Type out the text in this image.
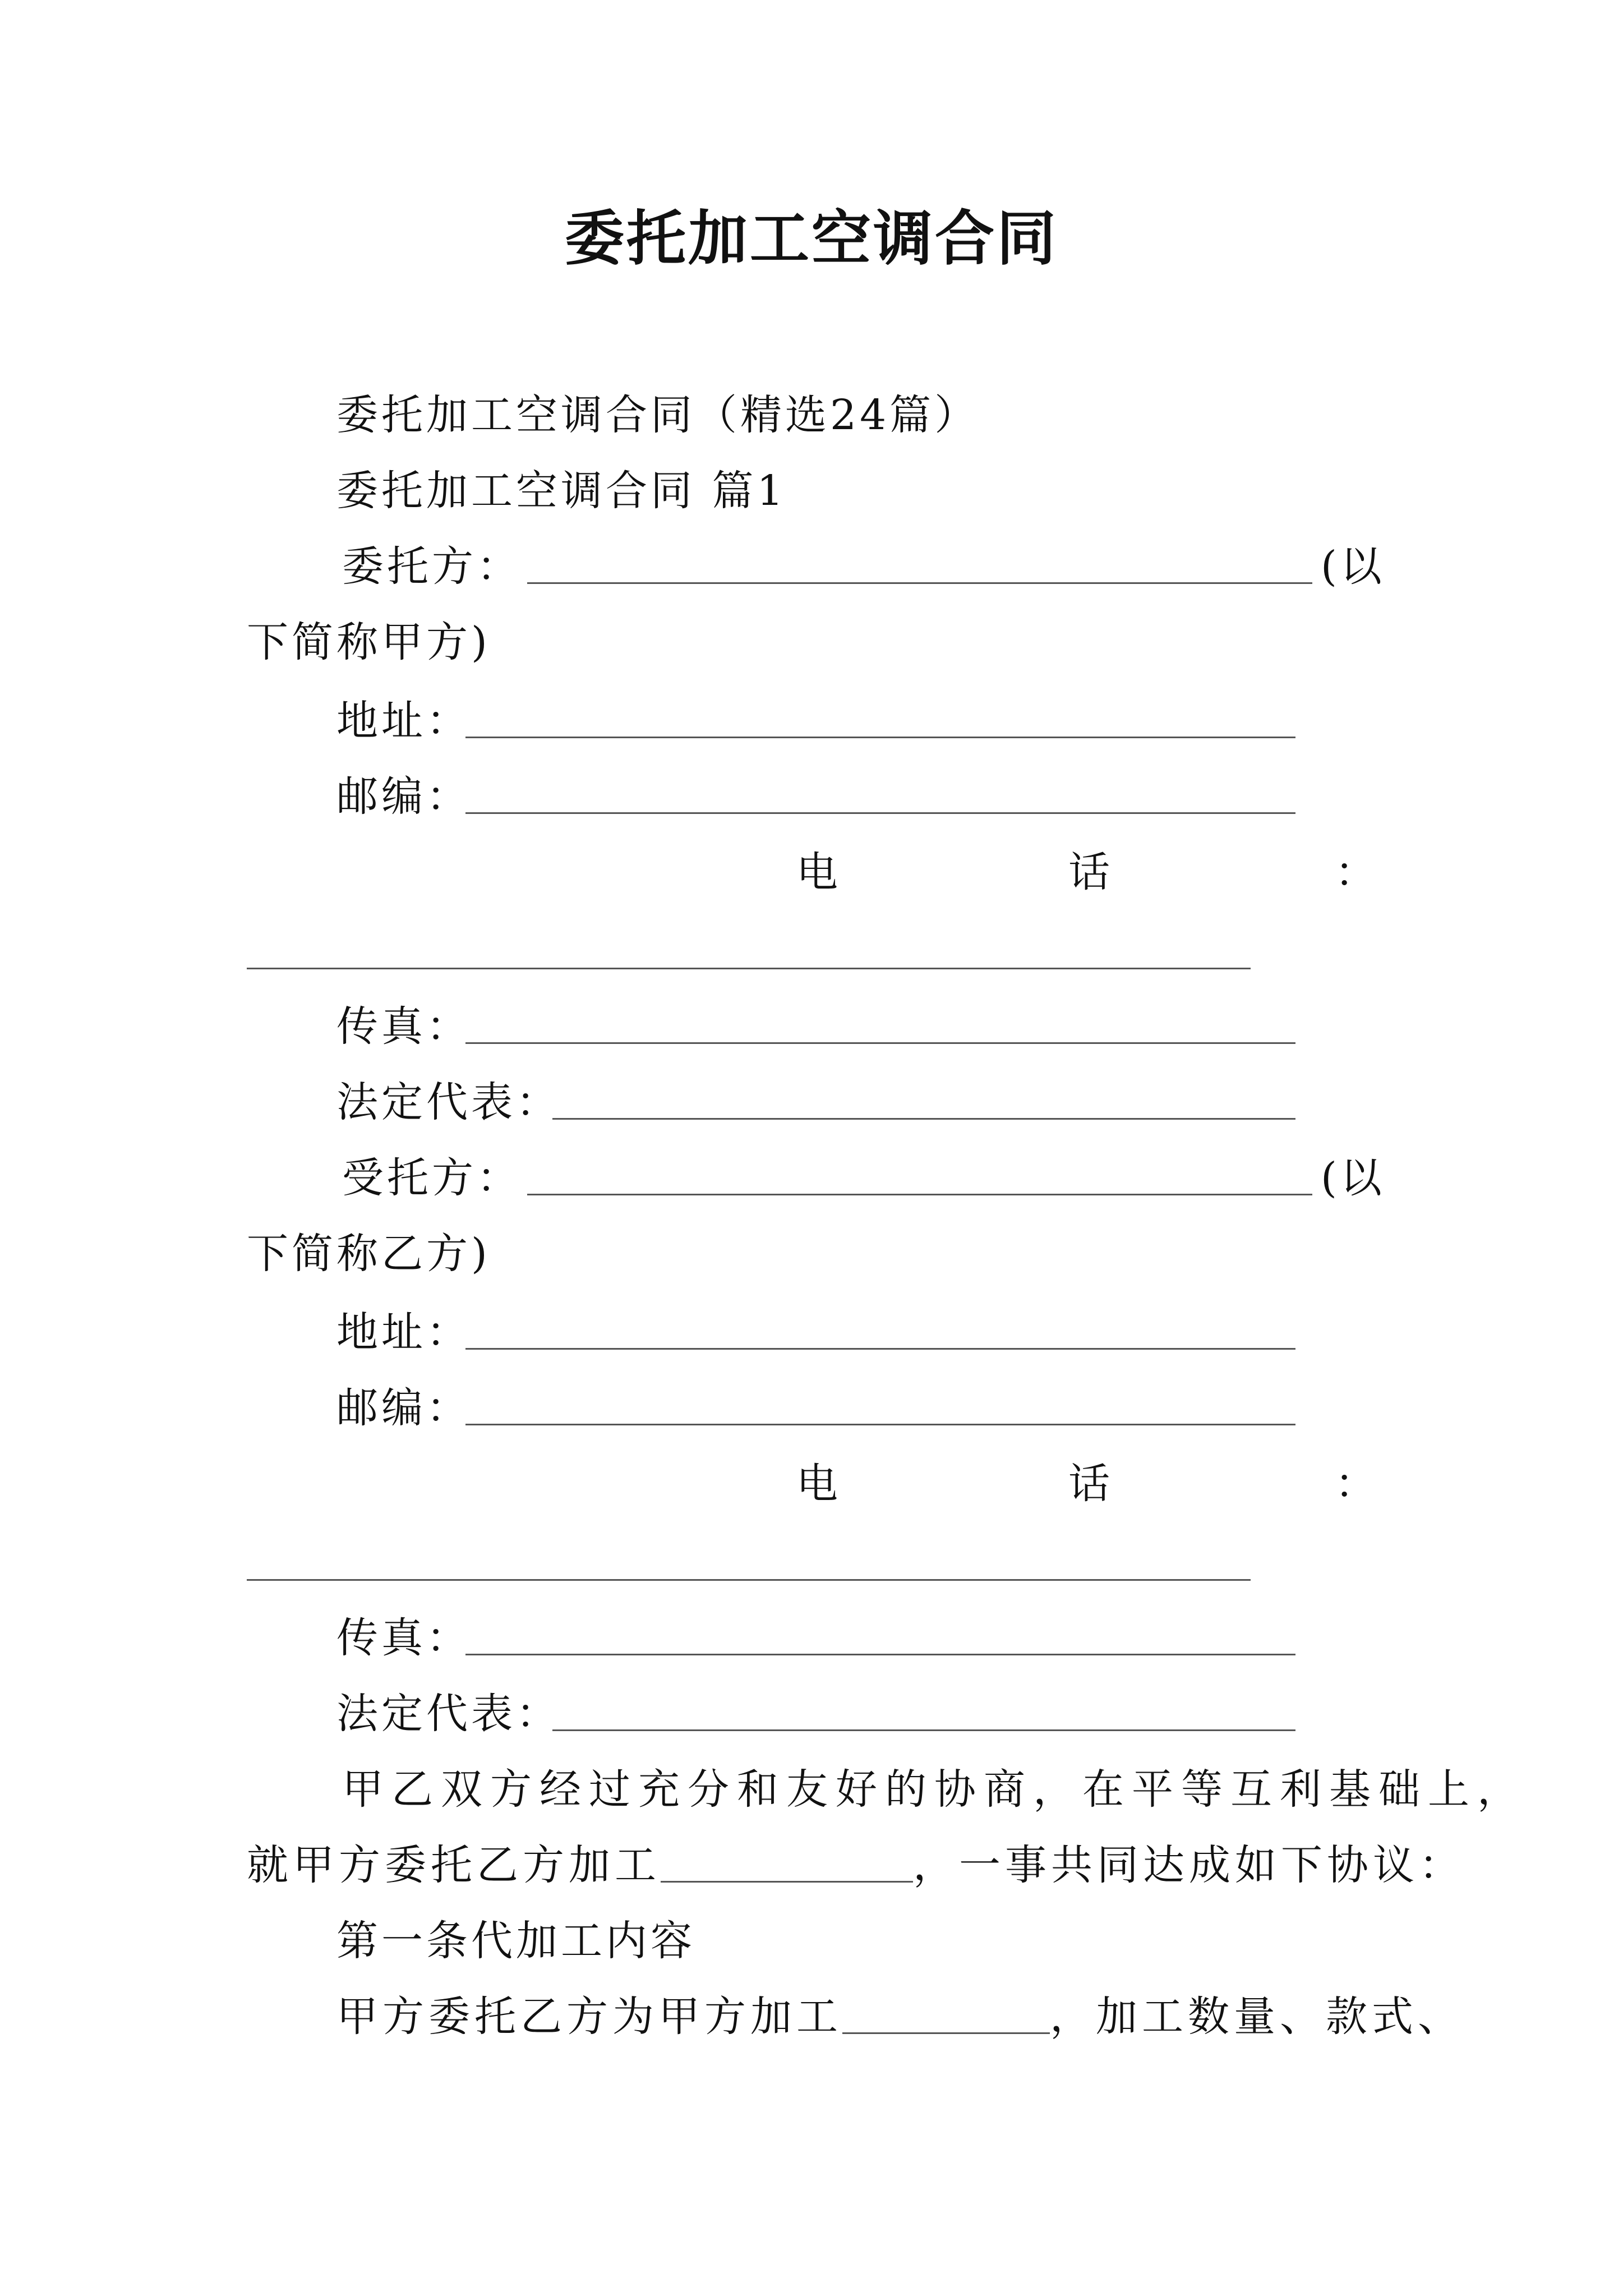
委托加工空调合同
委托加工空调合同（精选24篇）
委托加工空调合同 篇1
委托方：	(以
下简称甲方)
地址：
邮编：
电	话	：
传真：
法定代表：
受托方：	(以
下简称乙方)
地址：
邮编：
电	话	：
传真：
法定代表：
甲乙双方经过充分和友好的协商，在平等互利基础上，
就甲方委托乙方加工	，一事共同达成如下协议：
第一条代加工内容
甲方委托乙方为甲方加工	，加工数量、款式、
